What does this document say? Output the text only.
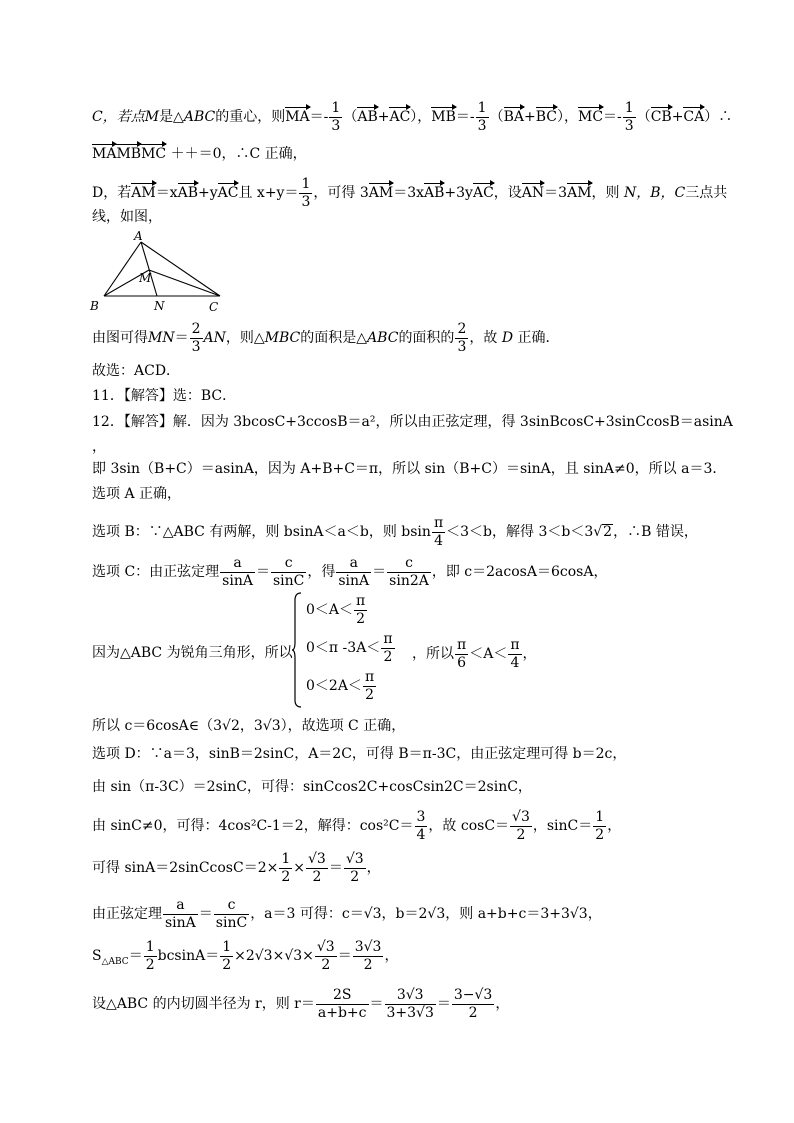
C，若点M是△ABC的重心，则$MA=- \frac{1}{3} (AB+AC)$，$MB=- \frac{1}{3} (BA+BC)$，$MC=- \frac{1}{3}$ （CB+CA）∴
MAMBMC ＋＋＝0，∴C 正确，
D，若AM＝xAB+yAC且 $x+y= \frac{1}{3}$ ，可得 3AM＝3xAB+3yAC，设AN＝3AM，则 N，B，C三点共
线，如图，
A
B	C
M
N
由图可得$MN= \frac{2}{3}$ AN，则△MBC的面积是△ABC的面积的 $\frac{2}{3}$ ，故 D 正确．
故选：ACD．
11．【解答】选：BC．
12．【解答】解．因为 3bcosC+3ccosB＝a²，所以由正弦定理，得 3sinBcosC+3sinCcosB＝asinA
，
即 3sin（B+C）＝asinA，因为 A+B+C＝π，所以 sin（B+C）＝sinA，且 sinA≠0，所以 a＝3．
选项 A 正确，
选项 B：∵△ABC 有两解，则 bsinA＜a＜b，则 bsin $\frac{\pi}{4} <3<b$，解得 3＜b＜3√2，∴B 错误，
选项 C：由正弦定理 $\frac{a}{\sin A} = \frac{c}{\sin C}$ ，得 $\frac{a}{\sin A} = \frac{c}{\sin 2A}$ ，即 c＝2acosA＝6cosA，
因为△ABC 为锐角三角形，所以
$0<A< \frac{\pi}{2}$
0＜π $-3A< \frac{\pi}{2}$
$0<2A< \frac{\pi}{2}$
，所以 $\frac{\pi}{6} <A< \frac{\pi}{4}$ ，
所以 c＝6cosA∈（3√2，3√3），故选项 C 正确，
选项 D：∵a＝3，sinB＝2sinC，A＝2C，可得 B＝π-3C，由正弦定理可得 b＝2c，
由 sin（π-3C）＝2sinC，可得：sinCcos2C+cosCsin2C＝2sinC，
由 sinC≠0，可得：4cos²C-1＝2，解得：$\cos^2C= \frac{3}{4}$ ，故 $\cos C= \frac{√3}{2}$ ，$\sin C= \frac{1}{2}$ ，
可得 sinA＝2sinCcosC＝2× $\frac{1}{2} \times \frac{√3}{2} = \frac{√3}{2}$ ，
由正弦定理 $\frac{a}{\sin A} = \frac{c}{\sin C}$ ，a＝3 可得：c＝√3，b＝2√3，则 a+b+c＝3+3√3，
$S_{\triangle ABC}= \frac{1}{2} bcsinA= \frac{1}{2} \times 2√3\times√3\times \frac{√3}{2} = \frac{3√3}{2}$ ，
设△ABC 的内切圆半径为 r，则 $r= \frac{2S}{a+b+c} = \frac{3√3}{3+3√3} = \frac{3-√3}{2}$ ，
